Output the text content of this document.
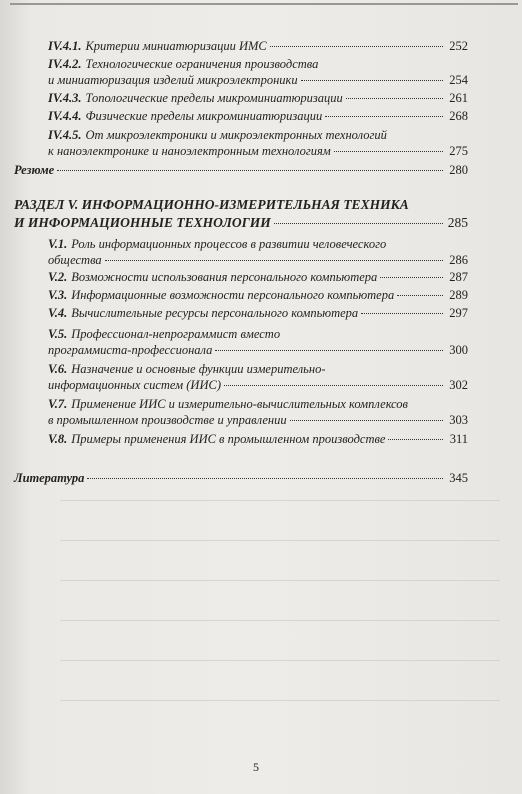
IV.4.1. Критерии миниатюризации ИМС	252
IV.4.2. Технологические ограничения производства
и миниатюризация изделий микроэлектроники	254
IV.4.3. Топологические пределы микроминиатюризации	261
IV.4.4. Физические пределы микроминиатюризации	268
IV.4.5. От микроэлектроники и микроэлектронных технологий
к наноэлектронике и наноэлектронным технологиям	275
Резюме	280
РАЗДЕЛ V. ИНФОРМАЦИОННО-ИЗМЕРИТЕЛЬНАЯ ТЕХНИКА
И ИНФОРМАЦИОННЫЕ ТЕХНОЛОГИИ	285
V.1. Роль информационных процессов в развитии человеческого
общества	286
V.2. Возможности использования персонального компьютера	287
V.3. Информационные возможности персонального компьютера	289
V.4. Вычислительные ресурсы персонального компьютера	297
V.5. Профессионал-непрограммист вместо
программиста-профессионала	300
V.6. Назначение и основные функции измерительно-
информационных систем (ИИС)	302
V.7. Применение ИИС и измерительно-вычислительных комплексов
в промышленном производстве и управлении	303
V.8. Примеры применения ИИС в промышленном производстве	311
Литература	345
5
